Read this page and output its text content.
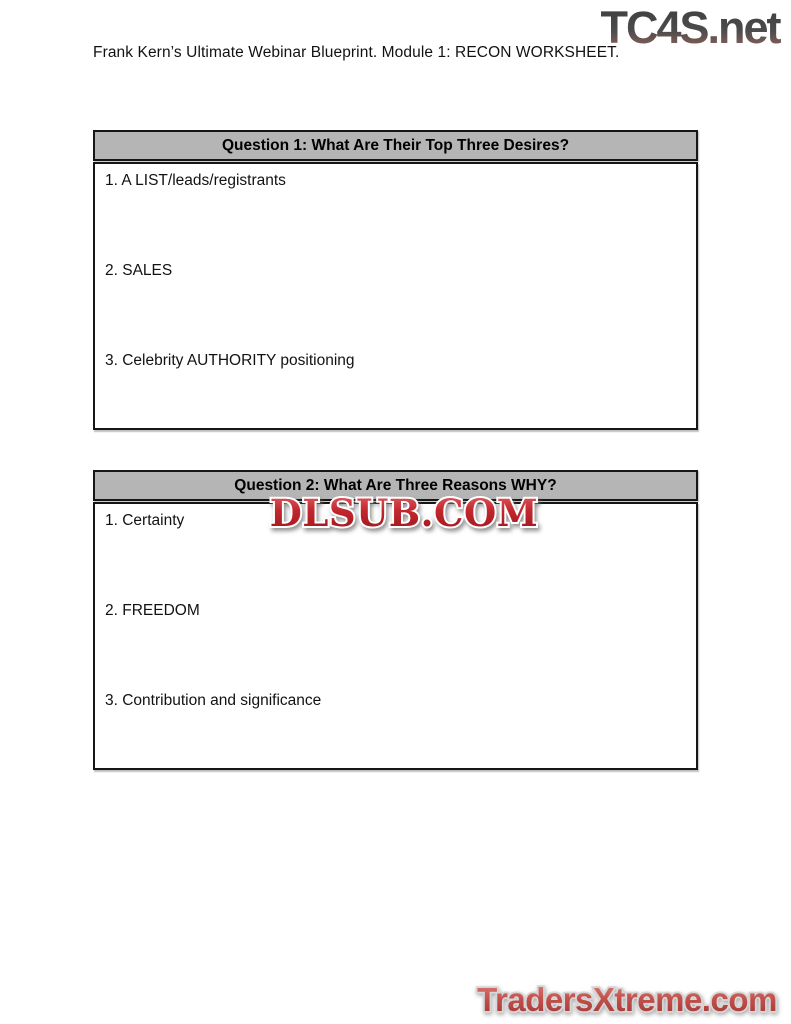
TC4S.net
Frank Kern’s Ultimate Webinar Blueprint. Module 1: RECON WORKSHEET.
Question 1: What Are Their Top Three Desires?
1. A LIST/leads/registrants
2. SALES
3. Celebrity AUTHORITY positioning
Question 2: What Are Three Reasons WHY?
1. Certainty
2. FREEDOM
3. Contribution and significance
DLSUB.COM
TradersXtreme.com
